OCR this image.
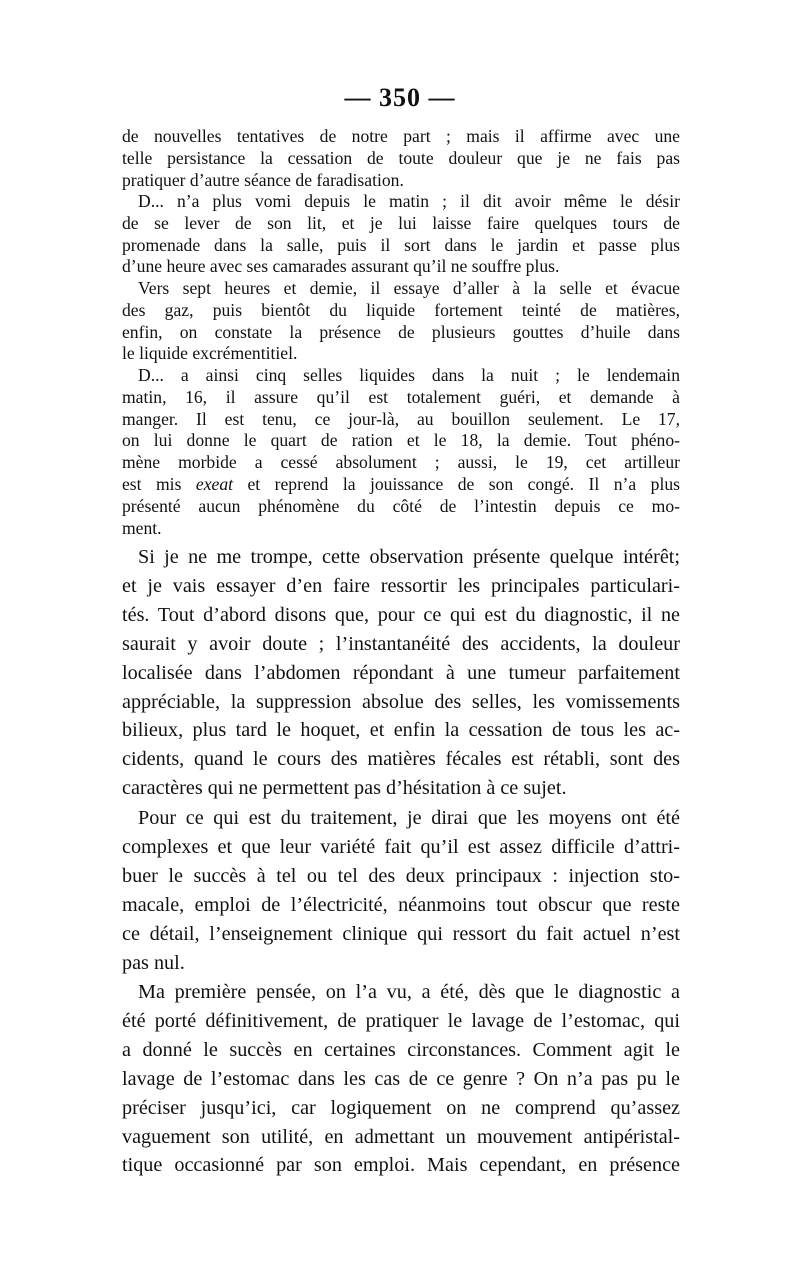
— 350 —
de nouvelles tentatives de notre part ; mais il affirme avec une
telle persistance la cessation de toute douleur que je ne fais pas
pratiquer d’autre séance de faradisation.
D... n’a plus vomi depuis le matin ; il dit avoir même le désir
de se lever de son lit, et je lui laisse faire quelques tours de
promenade dans la salle, puis il sort dans le jardin et passe plus
d’une heure avec ses camarades assurant qu’il ne souffre plus.
Vers sept heures et demie, il essaye d’aller à la selle et évacue
des gaz, puis bientôt du liquide fortement teinté de matières,
enfin, on constate la présence de plusieurs gouttes d’huile dans
le liquide excrémentitiel.
D... a ainsi cinq selles liquides dans la nuit ; le lendemain
matin, 16, il assure qu’il est totalement guéri, et demande à
manger. Il est tenu, ce jour-là, au bouillon seulement. Le 17,
on lui donne le quart de ration et le 18, la demie. Tout phéno-
mène morbide a cessé absolument ; aussi, le 19, cet artilleur
est mis exeat et reprend la jouissance de son congé. Il n’a plus
présenté aucun phénomène du côté de l’intestin depuis ce mo-
ment.
Si je ne me trompe, cette observation présente quelque intérêt;
et je vais essayer d’en faire ressortir les principales particulari-
tés. Tout d’abord disons que, pour ce qui est du diagnostic, il ne
saurait y avoir doute ; l’instantanéité des accidents, la douleur
localisée dans l’abdomen répondant à une tumeur parfaitement
appréciable, la suppression absolue des selles, les vomissements
bilieux, plus tard le hoquet, et enfin la cessation de tous les ac-
cidents, quand le cours des matières fécales est rétabli, sont des
caractères qui ne permettent pas d’hésitation à ce sujet.
Pour ce qui est du traitement, je dirai que les moyens ont été
complexes et que leur variété fait qu’il est assez difficile d’attri-
buer le succès à tel ou tel des deux principaux : injection sto-
macale, emploi de l’électricité, néanmoins tout obscur que reste
ce détail, l’enseignement clinique qui ressort du fait actuel n’est
pas nul.
Ma première pensée, on l’a vu, a été, dès que le diagnostic a
été porté définitivement, de pratiquer le lavage de l’estomac, qui
a donné le succès en certaines circonstances. Comment agit le
lavage de l’estomac dans les cas de ce genre ? On n’a pas pu le
préciser jusqu’ici, car logiquement on ne comprend qu’assez
vaguement son utilité, en admettant un mouvement antipéristal-
tique occasionné par son emploi. Mais cependant, en présence
